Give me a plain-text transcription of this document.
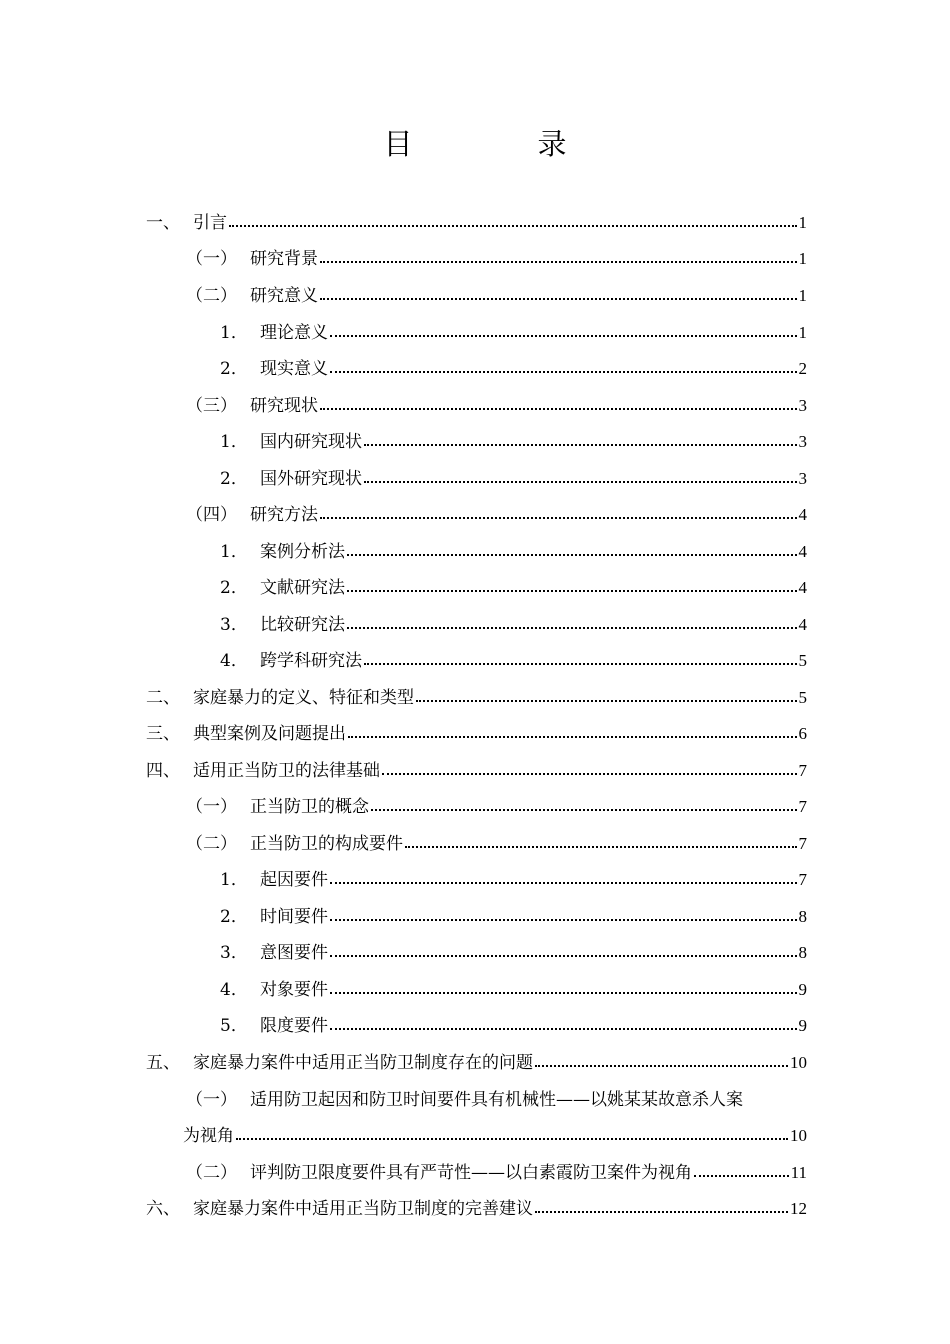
目　录
一、 引言	1
（一） 研究背景	1
（二） 研究意义	1
1． 理论意义	1
2． 现实意义	2
（三） 研究现状	3
1． 国内研究现状	3
2． 国外研究现状	3
（四） 研究方法	4
1． 案例分析法	4
2． 文献研究法	4
3． 比较研究法	4
4． 跨学科研究法	5
二、 家庭暴力的定义、特征和类型	5
三、 典型案例及问题提出	6
四、 适用正当防卫的法律基础	7
（一） 正当防卫的概念	7
（二） 正当防卫的构成要件	7
1． 起因要件	7
2． 时间要件	8
3． 意图要件	8
4． 对象要件	9
5． 限度要件	9
五、 家庭暴力案件中适用正当防卫制度存在的问题	10
（一） 适用防卫起因和防卫时间要件具有机械性——以姚某某故意杀人案
为视角	10
（二） 评判防卫限度要件具有严苛性——以白素霞防卫案件为视角	11
六、 家庭暴力案件中适用正当防卫制度的完善建议	12
